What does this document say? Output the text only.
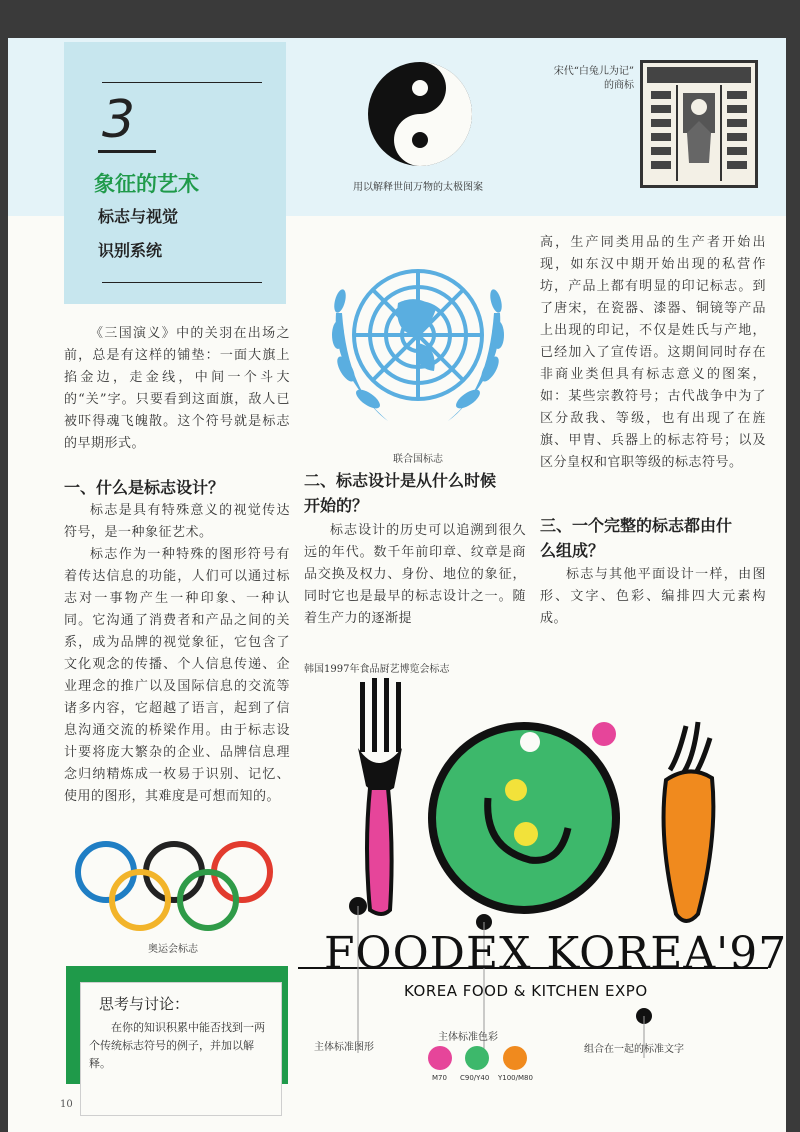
3
象征的艺术
标志与视觉
识别系统
用以解释世间万物的太极图案
宋代“白兔儿为记”
的商标
联合国标志

《三国演义》中的关羽在出场之前，总是有这样的铺垫：一面大旗上掐金边，走金线，中间一个斗大的“关”字。只要看到这面旗，敌人已被吓得魂飞魄散。这个符号就是标志的早期形式。

一、什么是标志设计？

标志是具有特殊意义的视觉传达符号，是一种象征艺术。

标志作为一种特殊的图形符号有着传达信息的功能，人们可以通过标志对一事物产生一种印象、一种认同。它沟通了消费者和产品之间的关系，成为品牌的视觉象征，它包含了文化观念的传播、个人信息传递、企业理念的推广以及国际信息的交流等诸多内容，它超越了语言，起到了信息沟通交流的桥梁作用。由于标志设计要将庞大繁杂的企业、品牌信息理念归纳精炼成一枚易于识别、记忆、使用的图形，其难度是可想而知的。

奥运会标志
思考与讨论：
在你的知识积累中能否找到一两个传统标志符号的例子，并加以解释。
10
二、标志设计是从什么时候
开始的？

标志设计的历史可以追溯到很久远的年代。数千年前印章、纹章是商品交换及权力、身份、地位的象征，同时它也是最早的标志设计之一。随着生产力的逐渐提

高，生产同类用品的生产者开始出现，如东汉中期开始出现的私营作坊，产品上都有明显的印记标志。到了唐宋，在瓷器、漆器、铜镜等产品上出现的印记，不仅是姓氏与产地，已经加入了宣传语。这期间同时存在非商业类但具有标志意义的图案，如：某些宗教符号；古代战争中为了区分敌我、等级，也有出现了在旌旗、甲胄、兵器上的标志符号；以及区分皇权和官职等级的标志符号。

三、一个完整的标志都由什
么组成？

标志与其他平面设计一样，由图形、文字、色彩、编排四大元素构成。

韩国1997年食品厨艺博览会标志
FOODEX KOREA'97
KOREA FOOD & KITCHEN EXPO
主体标准图形
主体标准色彩
组合在一起的标准文字
M70 C90/Y40 Y100/M80
